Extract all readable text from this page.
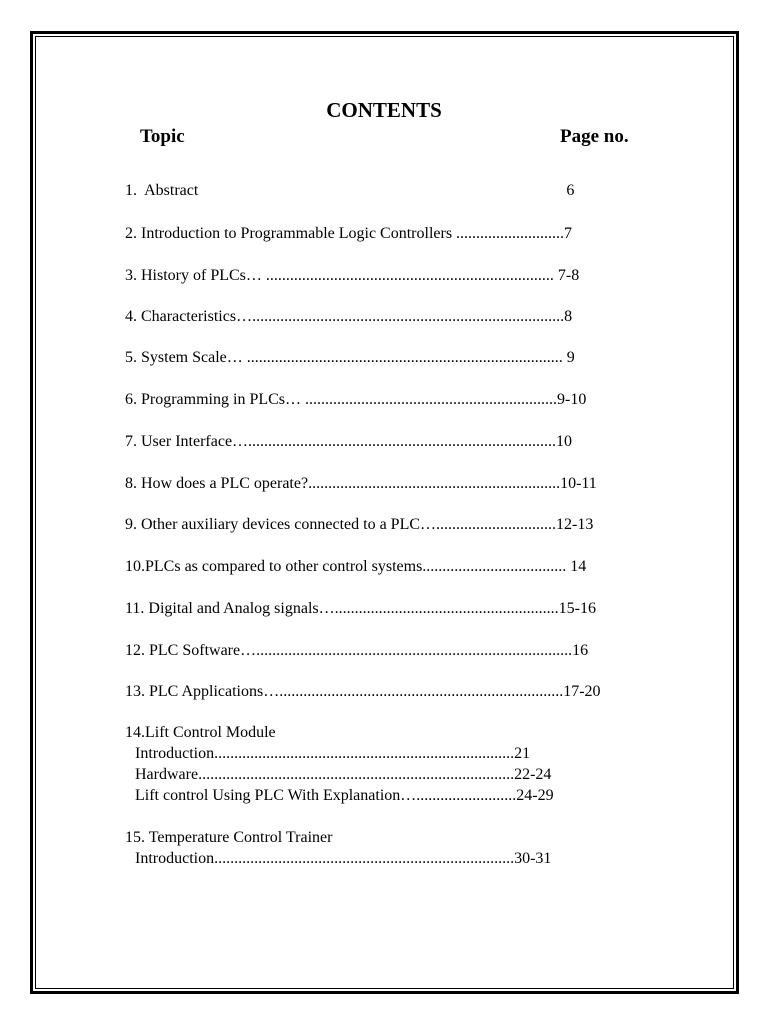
CONTENTS
Topic	Page no.
1.  Abstract                                                                                            6
2. Introduction to Programmable Logic Controllers ...........................7
3. History of PLCs… ........................................................................ 7-8
4. Characteristics…..............................................................................8
5. System Scale… ............................................................................... 9
6. Programming in PLCs… ...............................................................9-10
7. User Interface….............................................................................10
8. How does a PLC operate?...............................................................10-11
9. Other auxiliary devices connected to a PLC…..............................12-13
10.PLCs as compared to other control systems.................................... 14
11. Digital and Analog signals…........................................................15-16
12. PLC Software…...............................................................................16
13. PLC Applications….......................................................................17-20
14.Lift Control Module
Introduction...........................................................................21
Hardware...............................................................................22-24
Lift control Using PLC With Explanation….........................24-29
15. Temperature Control Trainer
Introduction...........................................................................30-31
